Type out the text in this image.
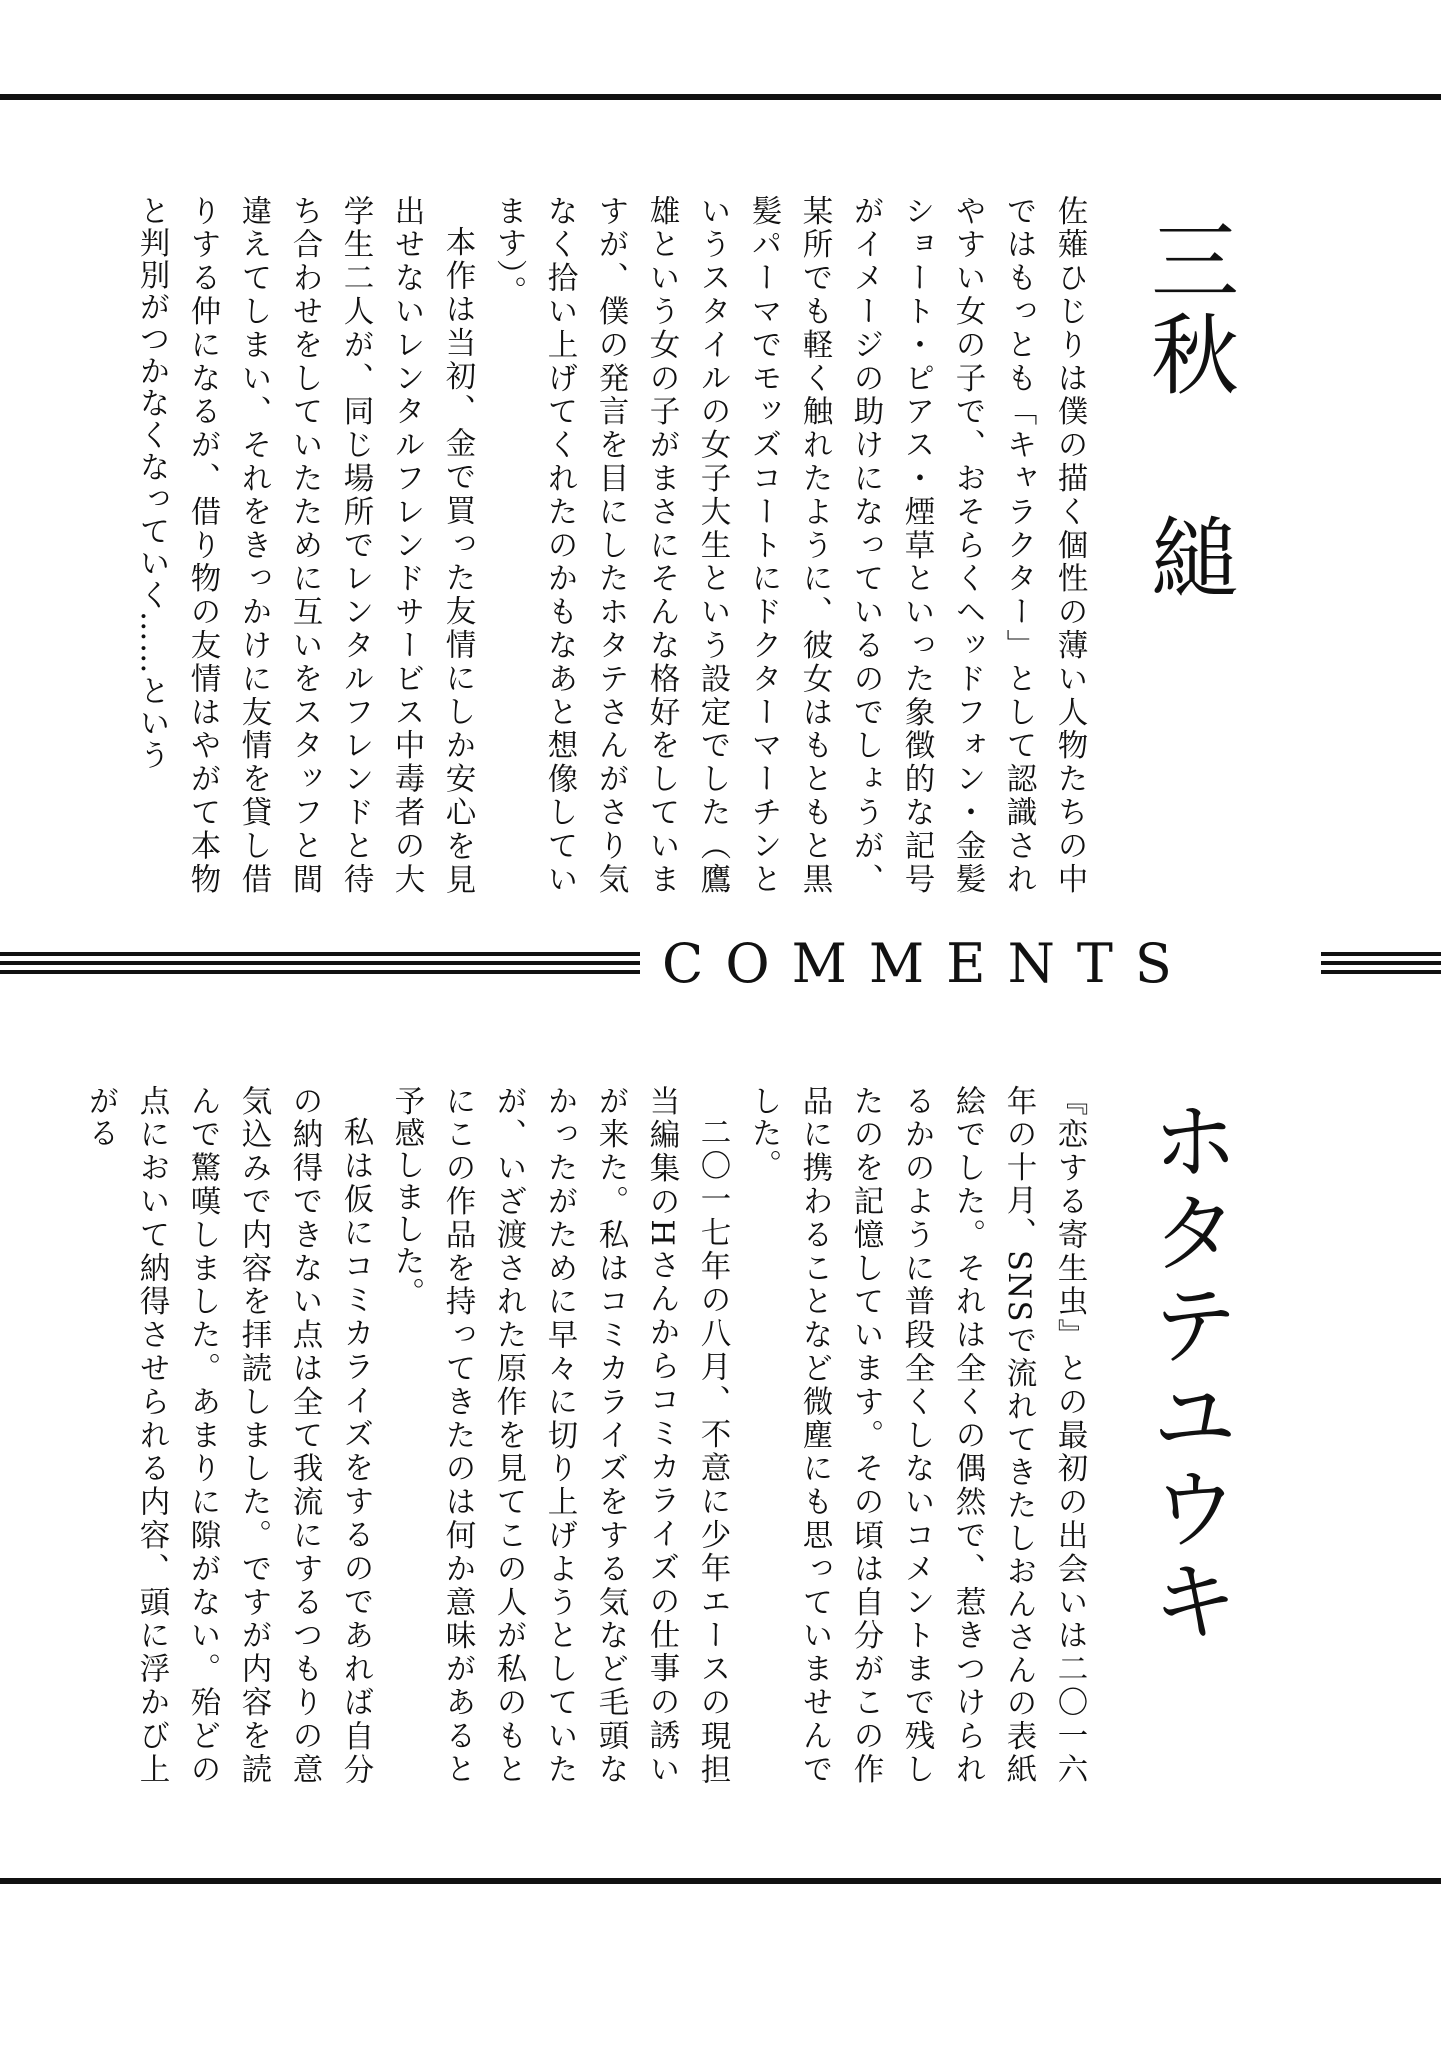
三秋 縋

佐薙ひじりは僕の描く個性の薄い人物たちの中ではもっとも「キャラクター」として認識されやすい女の子で、おそらくヘッドフォン・金髪ショート・ピアス・煙草といった象徴的な記号がイメージの助けになっているのでしょうが、某所でも軽く触れたように、彼女はもともと黒髪パーマでモッズコートにドクターマーチンというスタイルの女子大生という設定でした（鷹雄という女の子がまさにそんな格好をしていますが、僕の発言を目にしたホタテさんがさり気なく拾い上げてくれたのかもなあと想像しています）。

本作は当初、金で買った友情にしか安心を見出せないレンタルフレンドサービス中毒者の大学生二人が、同じ場所でレンタルフレンドと待ち合わせをしていたために互いをスタッフと間違えてしまい、それをきっかけに友情を貸し借りする仲になるが、借り物の友情はやがて本物と判別がつかなくなっていく……という

COMMENTS
ホタテユウキ

『恋する寄生虫』との最初の出会いは二〇一六年の十月、SNSで流れてきたしおんさんの表紙絵でした。それは全くの偶然で、惹きつけられるかのように普段全くしないコメントまで残したのを記憶しています。その頃は自分がこの作品に携わることなど微塵にも思っていませんでした。

二〇一七年の八月、不意に少年エースの現担当編集のHさんからコミカライズの仕事の誘いが来た。私はコミカライズをする気など毛頭なかったがために早々に切り上げようとしていたが、いざ渡された原作を見てこの人が私のもとにこの作品を持ってきたのは何か意味があると予感しました。

私は仮にコミカライズをするのであれば自分の納得できない点は全て我流にするつもりの意気込みで内容を拝読しました。ですが内容を読んで驚嘆しました。あまりに隙がない。殆どの点において納得させられる内容、頭に浮かび上がる
